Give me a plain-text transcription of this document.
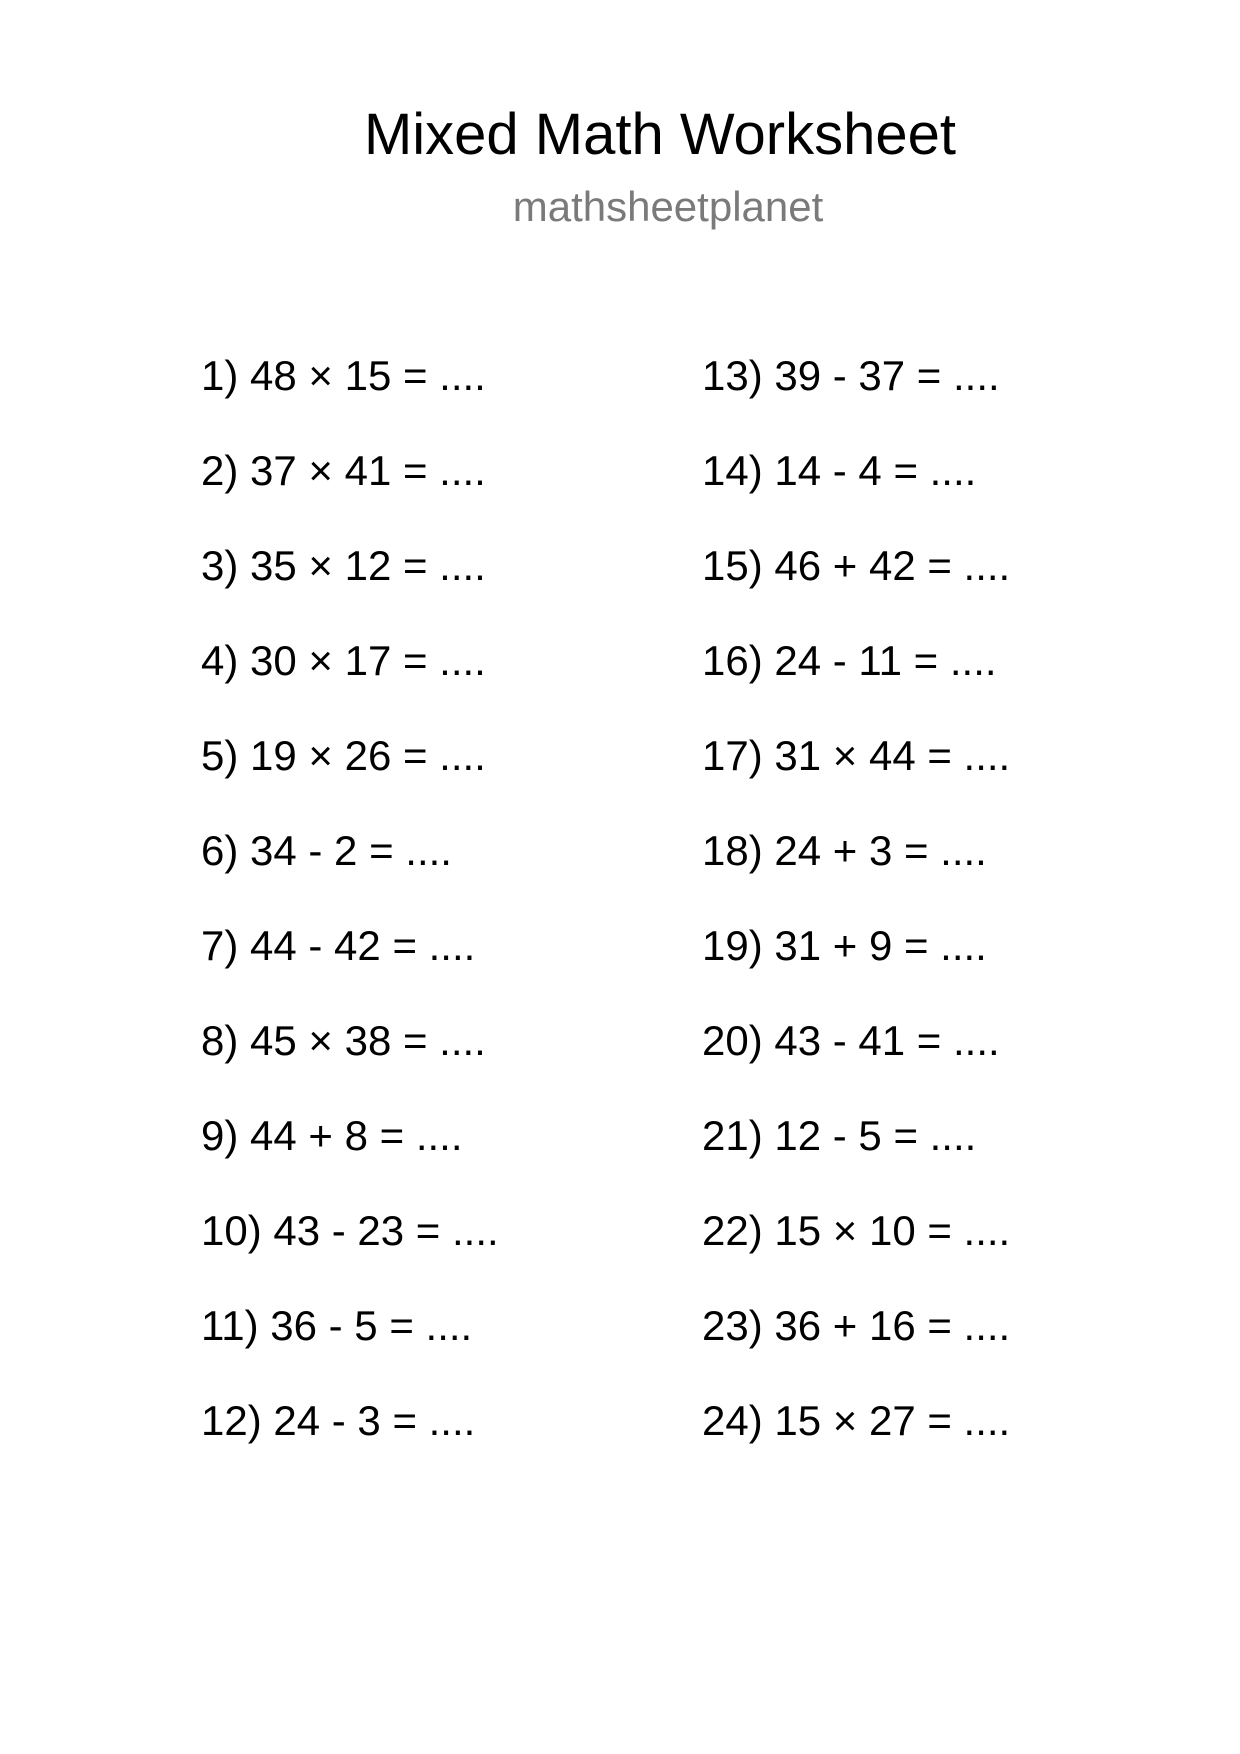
Mixed Math Worksheet
mathsheetplanet
1) 48 × 15 = ....
2) 37 × 41 = ....
3) 35 × 12 = ....
4) 30 × 17 = ....
5) 19 × 26 = ....
6) 34 - 2 = ....
7) 44 - 42 = ....
8) 45 × 38 = ....
9) 44 + 8 = ....
10) 43 - 23 = ....
11) 36 - 5 = ....
12) 24 - 3 = ....
13) 39 - 37 = ....
14) 14 - 4 = ....
15) 46 + 42 = ....
16) 24 - 11 = ....
17) 31 × 44 = ....
18) 24 + 3 = ....
19) 31 + 9 = ....
20) 43 - 41 = ....
21) 12 - 5 = ....
22) 15 × 10 = ....
23) 36 + 16 = ....
24) 15 × 27 = ....
